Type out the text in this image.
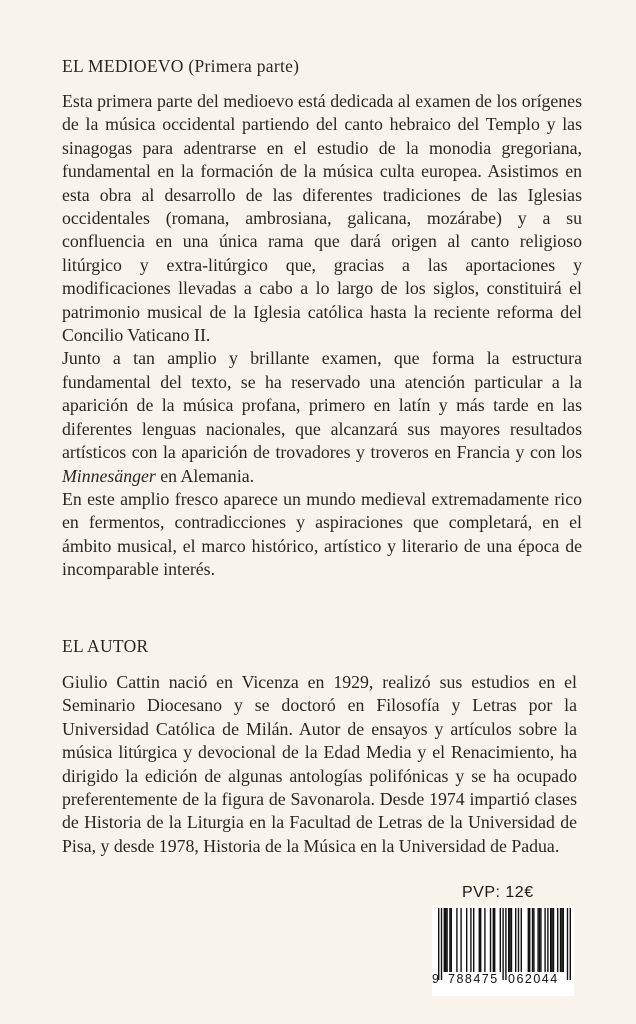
EL MEDIOEVO (Primera parte)

Esta primera parte del medioevo está dedicada al examen de los orígenes de la música occidental partiendo del canto hebraico del Templo y las sinagogas para adentrarse en el estudio de la monodia gregoriana, fundamental en la formación de la música culta europea. Asistimos en esta obra al desarrollo de las diferentes tradiciones de las Iglesias occidentales (romana, ambrosiana, galicana, mozárabe) y a su confluencia en una única rama que dará origen al canto religioso litúrgico y extra-litúrgico que, gracias a las aportaciones y modificaciones llevadas a cabo a lo largo de los siglos, constituirá el patrimonio musical de la Iglesia católica hasta la reciente reforma del Concilio Vaticano II.

Junto a tan amplio y brillante examen, que forma la estructura fundamental del texto, se ha reservado una atención particular a la aparición de la música profana, primero en latín y más tarde en las diferentes lenguas nacionales, que alcanzará sus mayores resultados artísticos con la aparición de trovadores y troveros en Francia y con los Minnesänger en Alemania.

En este amplio fresco aparece un mundo medieval extremadamente rico en fermentos, contradicciones y aspiraciones que completará, en el ámbito musical, el marco histórico, artístico y literario de una época de incomparable interés.

EL AUTOR

Giulio Cattin nació en Vicenza en 1929, realizó sus estudios en el Seminario Diocesano y se doctoró en Filosofía y Letras por la Universidad Católica de Milán. Autor de ensayos y artículos sobre la música litúrgica y devocional de la Edad Media y el Renacimiento, ha dirigido la edición de algunas antologías polifónicas y se ha ocupado preferentemente de la figura de Savonarola. Desde 1974 impartió clases de Historia de la Liturgia en la Facultad de Letras de la Universidad de Pisa, y desde 1978, Historia de la Música en la Universidad de Padua.

PVP: 12€
9 788475 062044
